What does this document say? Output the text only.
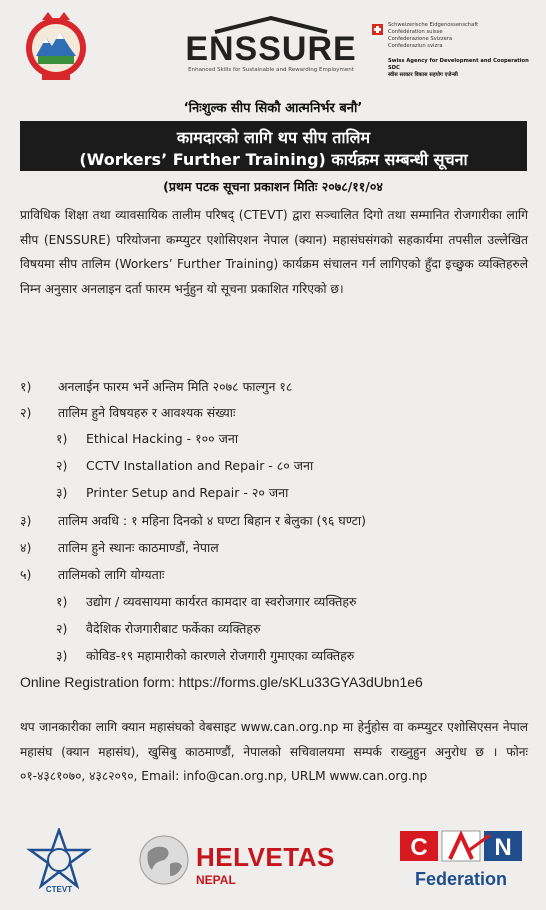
ENSSURE
Enhanced Skills for Sustainable and Rewarding Employment
Schweizerische Eidgenossenschaft
Confédération suisse
Confederazione Svizzera
Confederaziun svizra
Swiss Agency for Development and Cooperation SDC
स्वीस सरकार विकास सहयोग एजेन्सी
‘निःशुल्क सीप सिकौ आत्मनिर्भर बनौ’
कामदारको लागि थप सीप तालिम
(Workers’ Further Training) कार्यक्रम सम्बन्धी सूचना
(प्रथम पटक सूचना प्रकाशन मितिः २०७८/११/०४
प्राविधिक शिक्षा तथा व्यावसायिक तालीम परिषद् (CTEVT) द्वारा सञ्चालित दिगो तथा सम्मानित रोजगारीका लागि सीप (ENSSURE) परियोजना कम्प्युटर एशोसिएशन नेपाल (क्यान) महासंघसंगको सहकार्यमा तपसील उल्लेखित विषयमा सीप तालिम (Workers’ Further Training) कार्यक्रम संचालन गर्न लागिएको हुँदा इच्छुक व्यक्तिहरुले निम्न अनुसार अनलाइन दर्ता फारम भर्नुहुन यो सूचना प्रकाशित गरिएको छ।
१) अनलाईन फारम भर्ने अन्तिम मिति २०७८ फाल्गुन १८
२) तालिम हुने विषयहरु र आवश्यक संख्याः
१) Ethical Hacking - १०० जना
२) CCTV Installation and Repair - ८० जना
३) Printer Setup and Repair - २० जना
३) तालिम अवधि : १ महिना दिनको ४ घण्टा बिहान र बेलुका (९६ घण्टा)
४) तालिम हुने स्थानः काठमाण्डौं, नेपाल
५) तालिमको लागि योग्यताः
१) उद्योग / व्यवसायमा कार्यरत कामदार वा स्वरोजगार व्यक्तिहरु
२) वैदेशिक रोजगारीबाट फर्केका व्यक्तिहरु
३) कोविड-१९ महामारीको कारणले रोजगारी गुमाएका व्यक्तिहरु
Online Registration form: https://forms.gle/sKLu33GYA3dUbn1e6
थप जानकारीका लागि क्यान महासंघको वेबसाइट www.can.org.np मा हेर्नुहोस वा कम्प्युटर एशोसिएसन नेपाल महासंघ (क्यान महासंघ), खुसिबु काठमाण्डौं, नेपालको सचिवालयमा सम्पर्क राख्नुहुन अनुरोध छ । फोनः ०१-४३८१०७०, ४३८२०९०, Email: info@can.org.np, URLM www.can.org.np
CTEVT
HELVETAS
NEPAL
C	N
Federation
